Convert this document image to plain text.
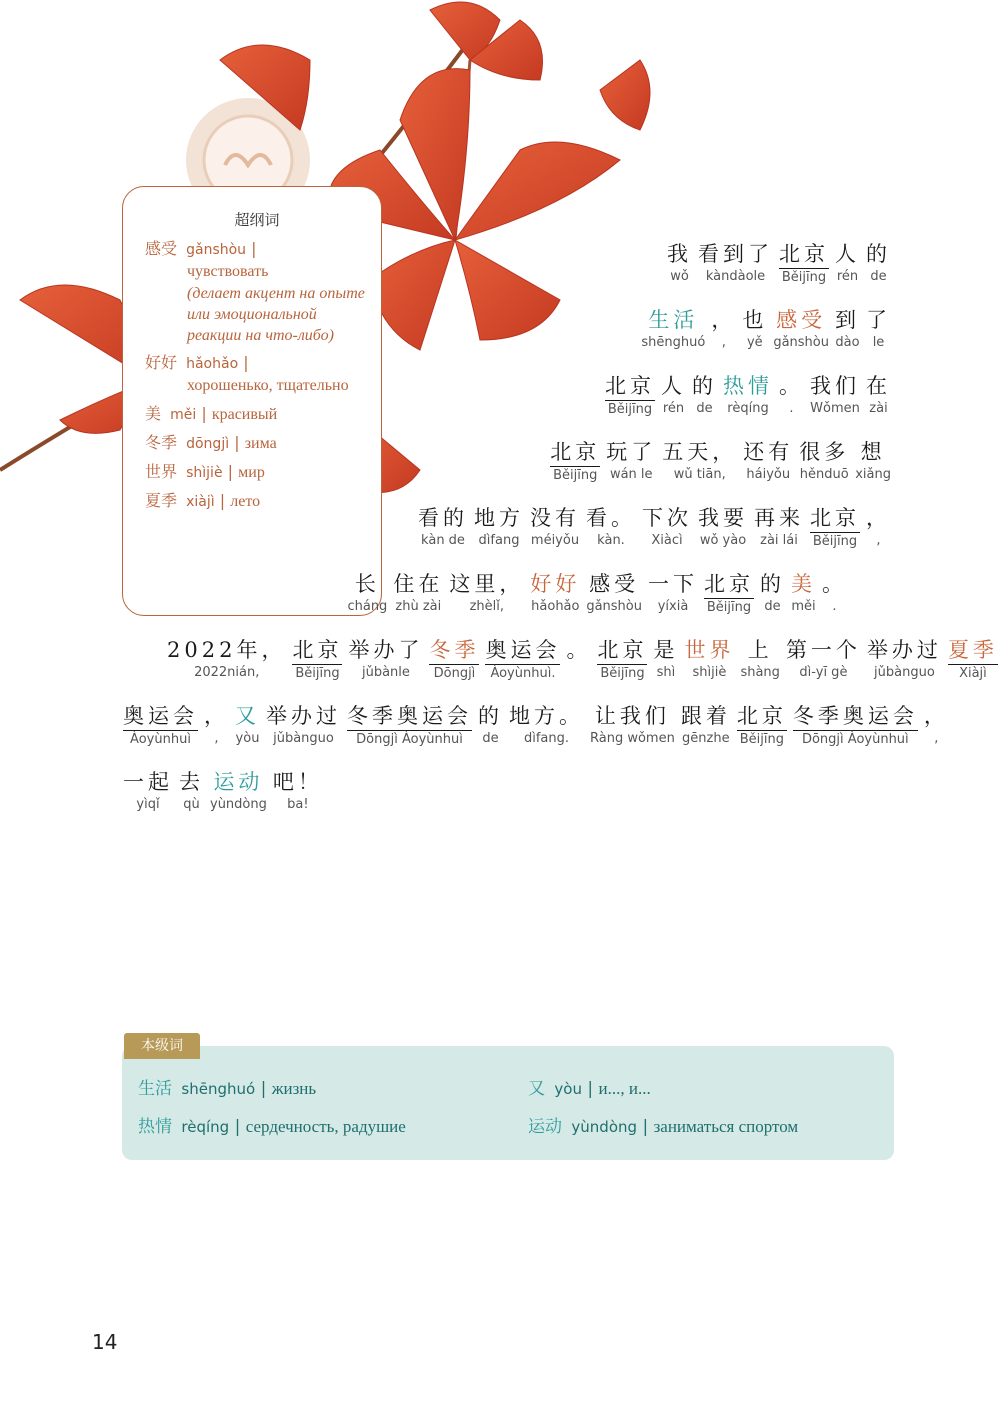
超纲词
感受 gǎnshòu |
чувствовать
(делает акцент на опыте или эмоциональной реакции на что-либо)
好好 hǎohǎo |
хорошенько, тщательно
美 měi | красивый
冬季 dōngjì | зима
世界 shìjiè | мир
夏季 xiàjì | лето
我
wǒ
看到了
kàndàole
北京
Běijīng
人
rén
的
de
生活
shēnghuó
，
,
也
yě
感受
gǎnshòu
到
dào
了
le
北京
Běijīng
人
rén
的
de
热情
rèqíng
。
.
我们
Wǒmen
在
zài
北京
Běijīng
玩了
wán le
五天，
wǔ tiān,
还有
háiyǒu
很多
hěnduō
想
xiǎng
看的
kàn de
地方
dìfang
没有
méiyǒu
看。
kàn.
下次
Xiàcì
我要
wǒ yào
再来
zài lái
北京
Běijīng
，
,
长
cháng
住在
zhù zài
这里，
zhèlǐ,
好好
hǎohǎo
感受
gǎnshòu
一下
yíxià
北京
Běijīng
的
de
美
měi
。
.
2022年，
2022nián,
北京
Běijīng
举办了
jǔbànle
冬季
Dōngjì
奥运会
Àoyùnhuì.
。
北京
Běijīng
是
shì
世界
shìjiè
上
shàng
第一个
dì-yī gè
举办过
jǔbànguo
夏季
Xiàjì
奥运会
Àoyùnhuì
，
,
又
yòu
举办过
jǔbànguo
冬季奥运会
Dōngjì Àoyùnhuì
的
de
地方。
dìfang.
让我们
Ràng wǒmen
跟着
gēnzhe
北京
Běijīng
冬季奥运会
Dōngjì Àoyùnhuì
，
,
一起
yìqǐ
去
qù
运动
yùndòng
吧！
ba!
生活 shēnghuó | жизнь	又 yòu | и..., и...
热情 rèqíng | сердечность, радушие	运动 yùndòng | заниматься спортом
本级词
14
